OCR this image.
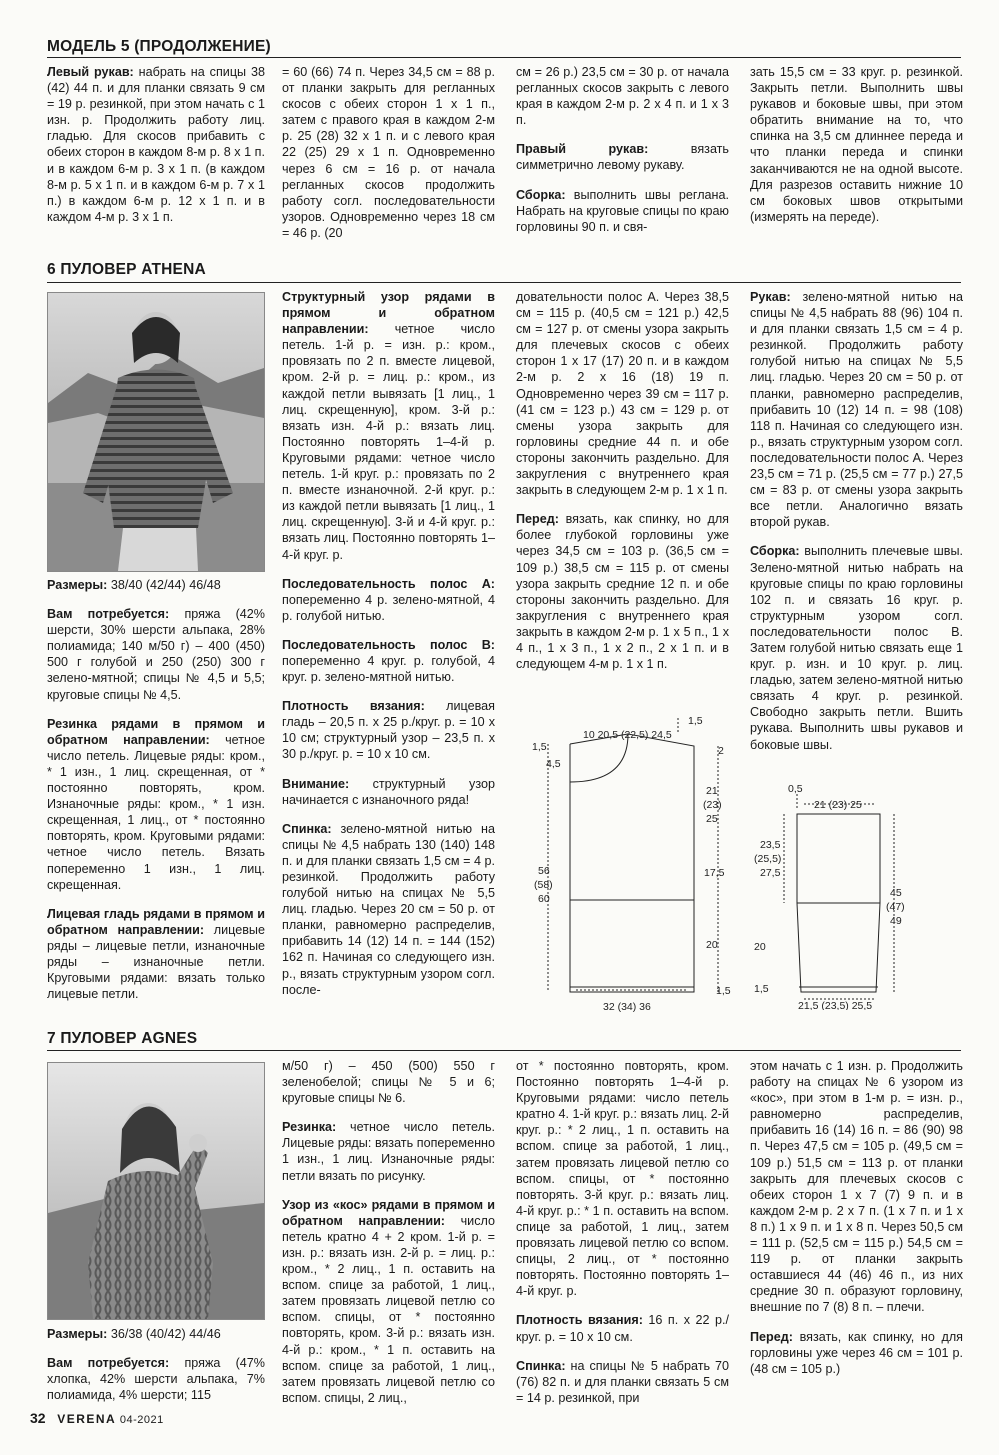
МОДЕЛЬ 5 (ПРОДОЛЖЕНИЕ)

Левый рукав: набрать на спицы 38 (42) 44 п. и для планки связать 9 см = 19 р. резинкой, при этом начать с 1 изн. р. Продолжить работу лиц. гладью. Для скосов прибавить с обеих сторон в каждом 8-м р. 8 х 1 п. и в каждом 6-м р. 3 х 1 п. (в каждом 8-м р. 5 х 1 п. и в каждом 6-м р. 7 х 1 п.) в каждом 6-м р. 12 х 1 п. и в каждом 4-м р. 3 х 1 п.

= 60 (66) 74 п. Через 34,5 см = 88 р. от планки закрыть для регланных скосов с обеих сторон 1 х 1 п., затем с правого края в каждом 2-м р. 25 (28) 32 х 1 п. и с левого края 22 (25) 29 х 1 п. Одновременно через 6 см = 16 р. от начала регланных скосов продолжить работу согл. последовательности узоров. Одновременно через 18 см = 46 р. (20

см = 26 р.) 23,5 см = 30 р. от начала регланных скосов закрыть с левого края в каждом 2-м р. 2 х 4 п. и 1 х 3 п.

Правый рукав:	вязать симметрично левому рукаву.

Сборка: выполнить швы реглана. Набрать на круговые спицы по краю горловины 90 п. и свя-

зать 15,5 см = 33 круг. р. резинкой. Закрыть петли. Выполнить швы рукавов и боковые швы, при этом обратить внимание на то, что спинка на 3,5 см длиннее переда и что планки переда и спинки заканчиваются не на одной высоте. Для разрезов оставить нижние 10 см боковых швов открытыми (измерять на переде).

6 ПУЛОВЕР ATHENA

Размеры: 38/40 (42/44) 46/48

Вам потребуется: пряжа (42% шерсти, 30% шерсти альпака, 28% полиамида; 140 м/50 г) – 400 (450) 500 г голубой и 250 (250) 300 г зелено-мятной; спицы № 4,5 и 5,5; круговые спицы № 4,5.

Резинка рядами в прямом и обратном направлении: четное число петель. Лицевые ряды: кром., * 1 изн., 1 лиц. скрещенная, от * постоянно повторять, кром. Изнаночные ряды: кром., * 1 изн. скрещенная, 1 лиц., от * постоянно повторять, кром. Круговыми рядами: четное число петель. Вязать попеременно 1 изн., 1 лиц. скрещенная.

Лицевая гладь рядами в прямом и обратном направлении: лицевые ряды – лицевые петли, изнаночные ряды – изнаночные петли. Круговыми рядами: вязать только лицевые петли.

Структурный узор рядами в прямом и обратном направлении: четное число петель. 1-й р. = изн. р.: кром., провязать по 2 п. вместе лицевой, кром. 2-й р. = лиц. р.: кром., из каждой петли вывязать [1 лиц., 1 лиц. скрещенную], кром. 3-й р.: вязать изн. 4-й р.: вязать лиц. Постоянно повторять 1–4-й р. Круговыми рядами: четное число петель. 1-й круг. р.: провязать по 2 п. вместе изнаночной. 2-й круг. р.: из каждой петли вывязать [1 лиц., 1 лиц. скрещенную]. 3-й и 4-й круг. р.: вязать лиц. Постоянно повторять 1–4-й круг. р.

Последовательность полос А: попеременно 4 р. зелено-мятной, 4 р. голубой нитью.

Последовательность полос В: попеременно 4 круг. р. голубой, 4 круг. р. зелено-мятной нитью.

Плотность вязания: лицевая гладь – 20,5 п. х 25 р./круг. р. = 10 х 10 см; структурный узор – 23,5 п. х 30 р./круг. р. = 10 х 10 см.

Внимание: структурный узор начинается с изнаночного ряда!

Спинка: зелено-мятной нитью на спицы № 4,5 набрать 130 (140) 148 п. и для планки связать 1,5 см = 4 р. резинкой. Продолжить работу голубой нитью на спицах № 5,5 лиц. гладью. Через 20 см = 50 р. от планки, равномерно распределив, прибавить 14 (12) 14 п. = 144 (152) 162 п. Начиная со следующего изн. р., вязать структурным узором согл. после-

довательности полос А. Через 38,5 см = 115 р. (40,5 см = 121 р.) 42,5 см = 127 р. от смены узора закрыть для плечевых скосов с обеих сторон 1 х 17 (17) 20 п. и в каждом 2-м р. 2 х 16 (18) 19 п. Одновременно через 39 см = 117 р. (41 см = 123 р.) 43 см = 129 р. от смены узора закрыть для горловины средние 44 п. и обе стороны закончить раздельно. Для закругления с внутреннего края закрыть в следующем 2-м р. 1 х 1 п.

Перед: вязать, как спинку, но для более глубокой горловины уже через 34,5 см = 103 р. (36,5 см = 109 р.) 38,5 см = 115 р. от смены узора закрыть средние 12 п. и обе стороны закончить раздельно. Для закругления с внутреннего края закрыть в каждом 2-м р. 1 х 5 п., 1 х 4 п., 1 х 3 п., 1 х 2 п., 2 х 1 п. и в следующем 4-м р. 1 х 1 п.

Рукав: зелено-мятной нитью на спицы № 4,5 набрать 88 (96) 104 п. и для планки связать 1,5 см = 4 р. резинкой. Продолжить работу голубой нитью на спицах № 5,5 лиц. гладью. Через 20 см = 50 р. от планки, равномерно распределив, прибавить 10 (12) 14 п. = 98 (108) 118 п. Начиная со следующего изн. р., вязать структурным узором согл. последовательности полос А. Через 23,5 см = 71 р. (25,5 см = 77 р.) 27,5 см = 83 р. от смены узора закрыть все петли. Аналогично вязать второй рукав.

Сборка: выполнить плечевые швы. Зелено-мятной нитью набрать на круговые спицы по краю горловины 102 п. и связать 16 круг. р. структурным узором согл. последовательности полос В. Затем голубой нитью связать еще 1 круг. р. изн. и 10 круг. р. лиц. гладью, затем зелено-мятной нитью связать 4 круг. р. резинкой. Свободно закрыть петли. Вшить рукава. Выполнить швы рукавов и боковые швы.

10 20,5 (22,5) 24,5
1,5
1,5
4,5
2
21
(23)
25
56
(58)
60
17,5
20
1,5
32 (34) 36
0,5
21 (23) 25
23,5
(25,5)
27,5
45
(47)
49
20
1,5
21,5 (23,5) 25,5
7 ПУЛОВЕР AGNES

Размеры: 36/38 (40/42) 44/46

Вам потребуется: пряжа (47% хлопка, 42% шерсти альпака, 7% полиамида, 4% шерсти; 115

м/50 г) – 450 (500) 550 г зеленобелой; спицы № 5 и 6; круговые спицы № 6.

Резинка: четное число петель. Лицевые ряды: вязать попеременно 1 изн., 1 лиц. Изнаночные ряды: петли вязать по рисунку.

Узор из «кос» рядами в прямом и обратном направлении: число петель кратно 4 + 2 кром. 1-й р. = изн. р.: вязать изн. 2-й р. = лиц. р.: кром., * 2 лиц., 1 п. оставить на вспом. спице за работой, 1 лиц., затем провязать лицевой петлю со вспом. спицы, от * постоянно повторять, кром. 3-й р.: вязать изн. 4-й р.: кром., * 1 п. оставить на вспом. спице за работой, 1 лиц., затем провязать лицевой петлю со вспом. спицы, 2 лиц.,

от * постоянно повторять, кром. Постоянно повторять 1–4-й р. Круговыми рядами: число петель кратно 4. 1-й круг. р.: вязать лиц. 2-й круг. р.: * 2 лиц., 1 п. оставить на вспом. спице за работой, 1 лиц., затем провязать лицевой петлю со вспом. спицы, от * постоянно повторять. 3-й круг. р.: вязать лиц. 4-й круг. р.: * 1 п. оставить на вспом. спице за работой, 1 лиц., затем провязать лицевой петлю со вспом. спицы, 2 лиц., от * постоянно повторять. Постоянно повторять 1–4-й круг. р.

Плотность вязания: 16 п. х 22 р./круг. р. = 10 х 10 см.

Спинка: на спицы № 5 набрать 70 (76) 82 п. и для планки связать 5 см = 14 р. резинкой, при

этом начать с 1 изн. р. Продолжить работу на спицах № 6 узором из «кос», при этом в 1-м р. = изн. р., равномерно распределив, прибавить 16 (14) 16 п. = 86 (90) 98 п. Через 47,5 см = 105 р. (49,5 см = 109 р.) 51,5 см = 113 р. от планки закрыть для плечевых скосов с обеих сторон 1 х 7 (7) 9 п. и в каждом 2-м р. 2 х 7 п. (1 х 7 п. и 1 х 8 п.) 1 х 9 п. и 1 х 8 п. Через 50,5 см = 111 р. (52,5 см = 115 р.) 54,5 см = 119 р. от планки закрыть оставшиеся 44 (46) 46 п., из них средние 30 п. образуют горловину, внешние по 7 (8) 8 п. – плечи.

Перед: вязать, как спинку, но для горловины уже через 46 см = 101 р. (48 см = 105 р.)

32 VERENA 04-2021
